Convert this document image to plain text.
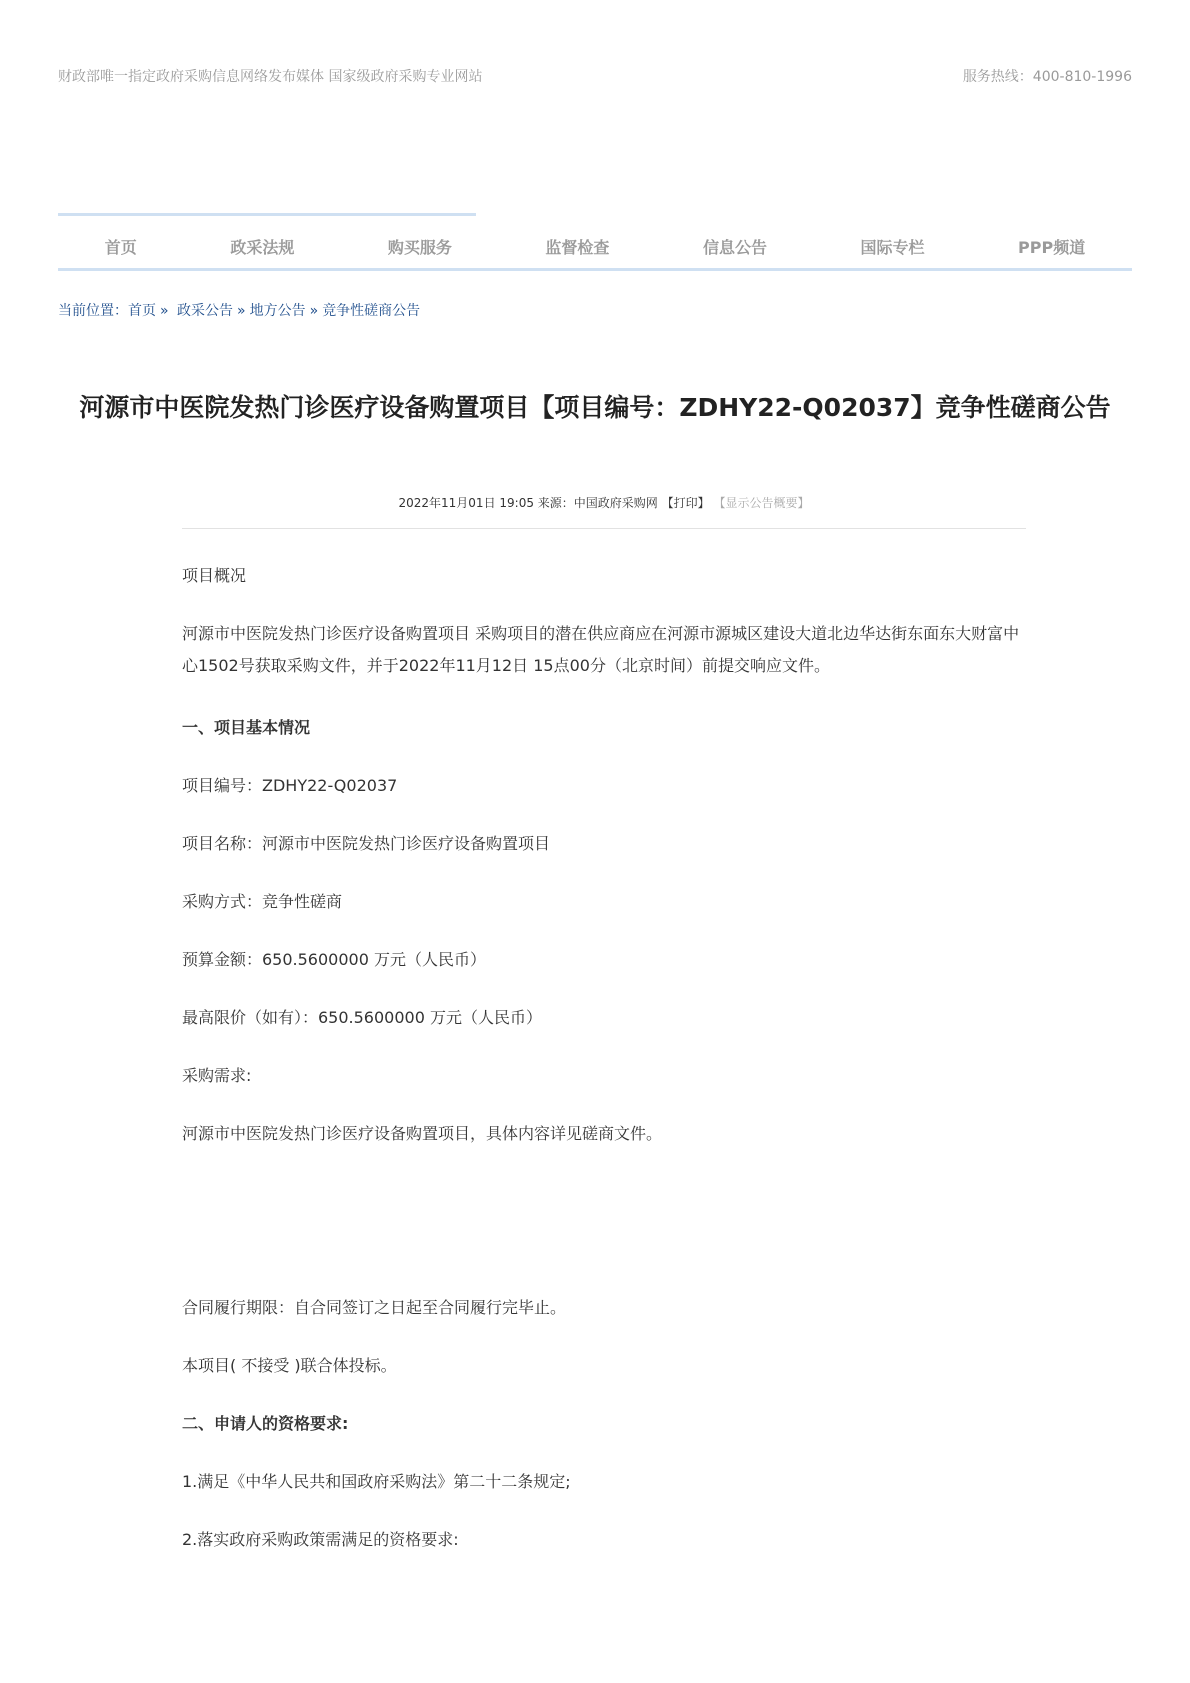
财政部唯一指定政府采购信息网络发布媒体 国家级政府采购专业网站	服务热线：400-810-1996
首页	政采法规	购买服务	监督检查	信息公告	国际专栏	PPP频道
当前位置：首页 » 政采公告 » 地方公告 » 竞争性磋商公告
河源市中医院发热门诊医疗设备购置项目【项目编号：ZDHY22-Q02037】竞争性磋商公告
2022年11月01日 19:05 来源：中国政府采购网 【打印】 【显示公告概要】
项目概况
河源市中医院发热门诊医疗设备购置项目 采购项目的潜在供应商应在河源市源城区建设大道北边华达街东面东大财富中心1502号获取采购文件，并于2022年11月12日 15点00分（北京时间）前提交响应文件。
一、项目基本情况
项目编号：ZDHY22-Q02037
项目名称：河源市中医院发热门诊医疗设备购置项目
采购方式：竞争性磋商
预算金额：650.5600000 万元（人民币）
最高限价（如有）：650.5600000 万元（人民币）
采购需求:
河源市中医院发热门诊医疗设备购置项目，具体内容详见磋商文件。
合同履行期限：自合同签订之日起至合同履行完毕止。
本项目( 不接受 )联合体投标。
二、申请人的资格要求:
1.满足《中华人民共和国政府采购法》第二十二条规定;
2.落实政府采购政策需满足的资格要求:
